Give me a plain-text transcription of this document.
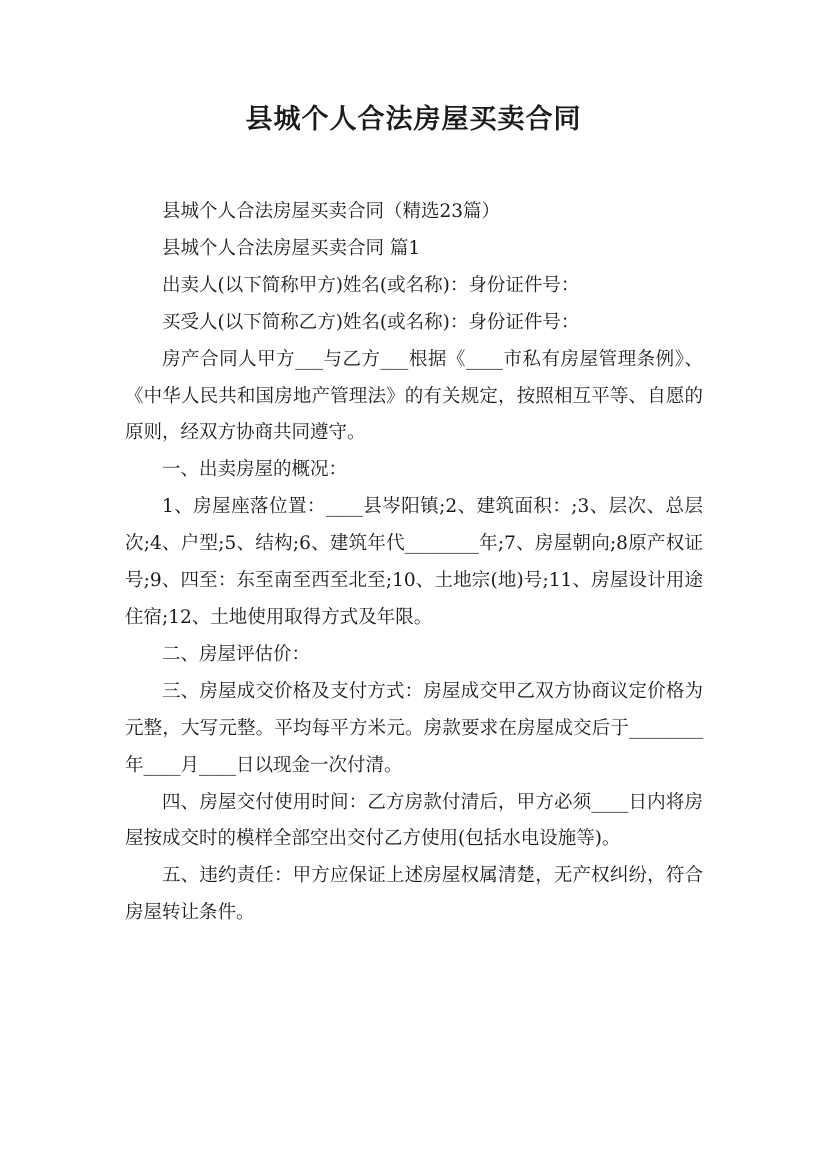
县城个人合法房屋买卖合同

县城个人合法房屋买卖合同（精选23篇）

县城个人合法房屋买卖合同 篇1

出卖人(以下简称甲方)姓名(或名称)：身份证件号：

买受人(以下简称乙方)姓名(或名称)：身份证件号：

房产合同人甲方___与乙方___根据《____市私有房屋管理条例》、《中华人民共和国房地产管理法》的有关规定，按照相互平等、自愿的原则，经双方协商共同遵守。

一、出卖房屋的概况：

1、房屋座落位置：____县岑阳镇;2、建筑面积：;3、层次、总层次;4、户型;5、结构;6、建筑年代________年;7、房屋朝向;8原产权证号;9、四至：东至南至西至北至;10、土地宗(地)号;11、房屋设计用途住宿;12、土地使用取得方式及年限。

二、房屋评估价：

三、房屋成交价格及支付方式：房屋成交甲乙双方协商议定价格为元整，大写元整。平均每平方米元。房款要求在房屋成交后于________年____月____日以现金一次付清。

四、房屋交付使用时间：乙方房款付清后，甲方必须____日内将房屋按成交时的模样全部空出交付乙方使用(包括水电设施等)。

五、违约责任：甲方应保证上述房屋权属清楚，无产权纠纷，符合房屋转让条件。
